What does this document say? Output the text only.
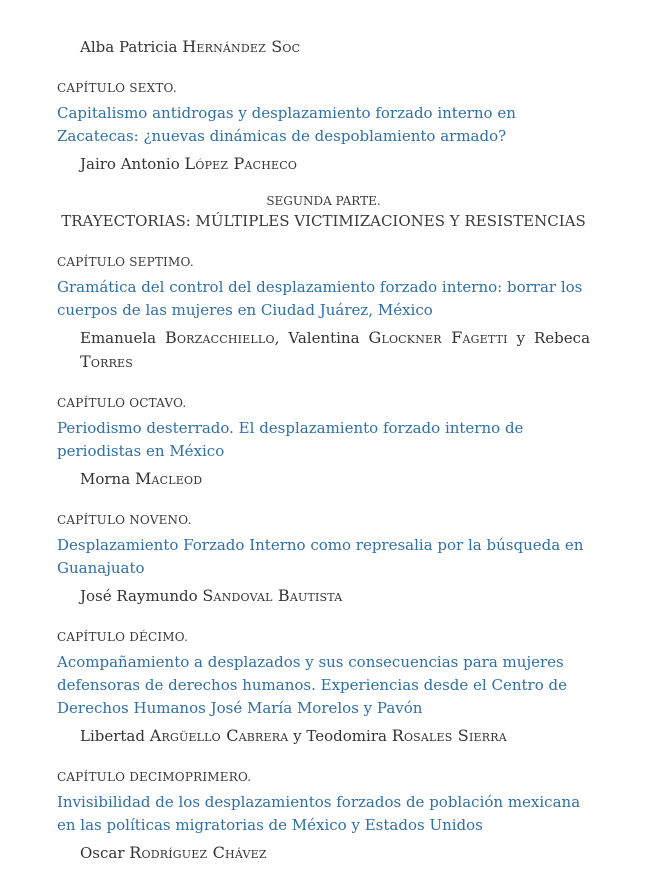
Alba Patricia Hernández Soc
CAPÍTULO SEXTO.
Capitalismo antidrogas y desplazamiento forzado interno en Zacatecas: ¿nuevas dinámicas de despoblamiento armado?
Jairo Antonio López Pacheco
SEGUNDA PARTE.
TRAYECTORIAS: MÚLTIPLES VICTIMIZACIONES Y RESISTENCIAS
CAPÍTULO SEPTIMO.
Gramática del control del desplazamiento forzado interno: borrar los cuerpos de las mujeres en Ciudad Juárez, México
Emanuela Borzacchiello, Valentina Glockner Fagetti y Rebeca Torres
CAPÍTULO OCTAVO.
Periodismo desterrado. El desplazamiento forzado interno de periodistas en México
Morna Macleod
CAPÍTULO NOVENO.
Desplazamiento Forzado Interno como represalia por la búsqueda en Guanajuato
José Raymundo Sandoval Bautista
CAPÍTULO DÉCIMO.
Acompañamiento a desplazados y sus consecuencias para mujeres defensoras de derechos humanos. Experiencias desde el Centro de Derechos Humanos José María Morelos y Pavón
Libertad Argüello Cabrera y Teodomira Rosales Sierra
CAPÍTULO DECIMOPRIMERO.
Invisibilidad de los desplazamientos forzados de población mexicana en las políticas migratorias de México y Estados Unidos
Oscar Rodríguez Chávez
